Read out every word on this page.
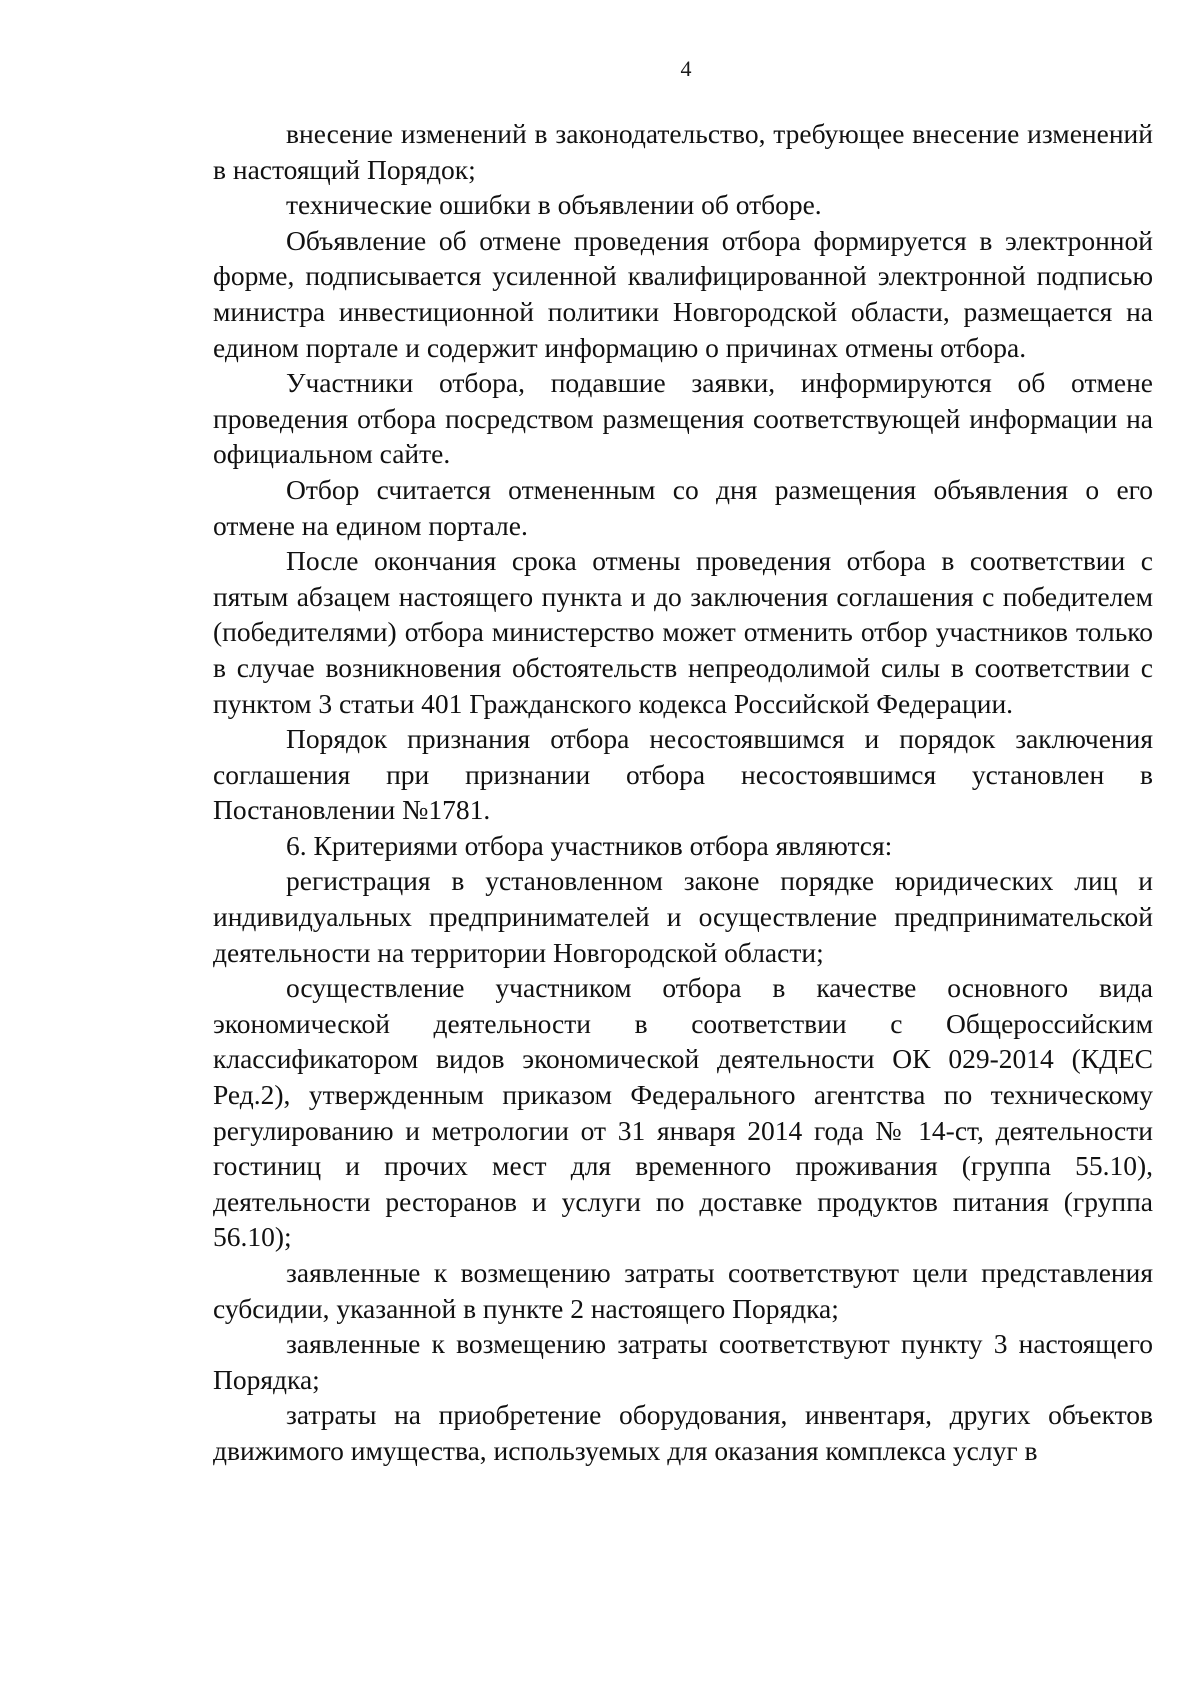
4

внесение изменений в законодательство, требующее внесение изменений в настоящий Порядок;

технические ошибки в объявлении об отборе.

Объявление об отмене проведения отбора формируется в электронной форме, подписывается усиленной квалифицированной электронной подписью министра инвестиционной политики Новгородской области, размещается на едином портале и содержит информацию о причинах отмены отбора.

Участники отбора, подавшие заявки, информируются об отмене проведения отбора посредством размещения соответствующей информации на официальном сайте.

Отбор считается отмененным со дня размещения объявления о его отмене на едином портале.

После окончания срока отмены проведения отбора в соответствии с пятым абзацем настоящего пункта и до заключения соглашения с победителем (победителями) отбора министерство может отменить отбор участников только в случае возникновения обстоятельств непреодолимой силы в соответствии с пунктом 3 статьи 401 Гражданского кодекса Российской Федерации.

Порядок признания отбора несостоявшимся и порядок заключения соглашения при признании отбора несостоявшимся установлен в Постановлении №1781.

6. Критериями отбора участников отбора являются:

регистрация в установленном законе порядке юридических лиц и индивидуальных предпринимателей и осуществление предпринимательской деятельности на территории Новгородской области;

осуществление участником отбора в качестве основного вида экономической деятельности в соответствии с Общероссийским классификатором видов экономической деятельности ОК 029-2014 (КДЕС Ред.2), утвержденным приказом Федерального агентства по техническому регулированию и метрологии от 31 января 2014 года № 14-ст, деятельности гостиниц и прочих мест для временного проживания (группа 55.10), деятельности ресторанов и услуги по доставке продуктов питания (группа 56.10);

заявленные к возмещению затраты соответствуют цели представления субсидии, указанной в пункте 2 настоящего Порядка;

заявленные к возмещению затраты соответствуют пункту 3 настоящего Порядка;

затраты на приобретение оборудования, инвентаря, других объектов движимого имущества, используемых для оказания комплекса услуг в
